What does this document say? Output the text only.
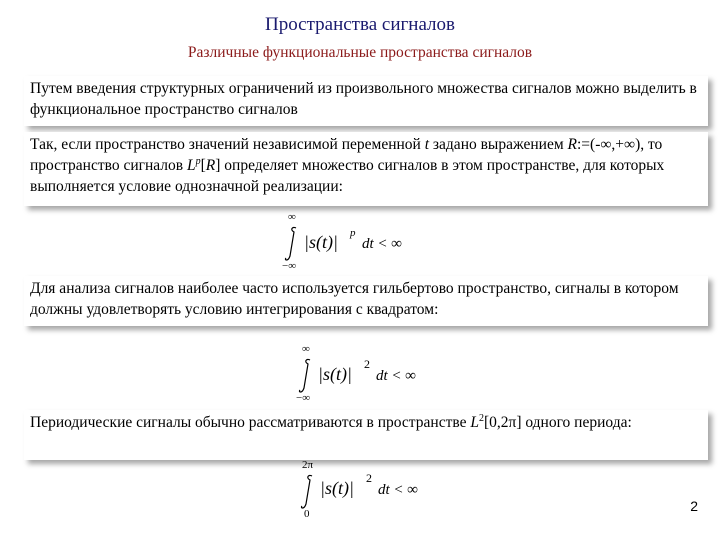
Пространства сигналов
Различные функциональные пространства сигналов
Путем введения структурных ограничений из произвольного множества сигналов можно выделить в функциональное пространство сигналов
Так, если пространство значений независимой переменной t задано выражением R:=(-∞,+∞), то пространство сигналов $L^p[R]$ определяет множество сигналов в этом пространстве, для которых выполняется условие однозначной реализации:
∞
−∞
|s(t)| p
dt < ∞
Для анализа сигналов наиболее часто используется гильбертово пространство, сигналы в котором должны удовлетворять условию интегрирования с квадратом:
∞
−∞
|s(t)| 2
dt < ∞
Периодические сигналы обычно рассматриваются в пространстве $L^2[0,2\pi]$ одного периода:
2π
0
|s(t)| 2
dt < ∞
2
